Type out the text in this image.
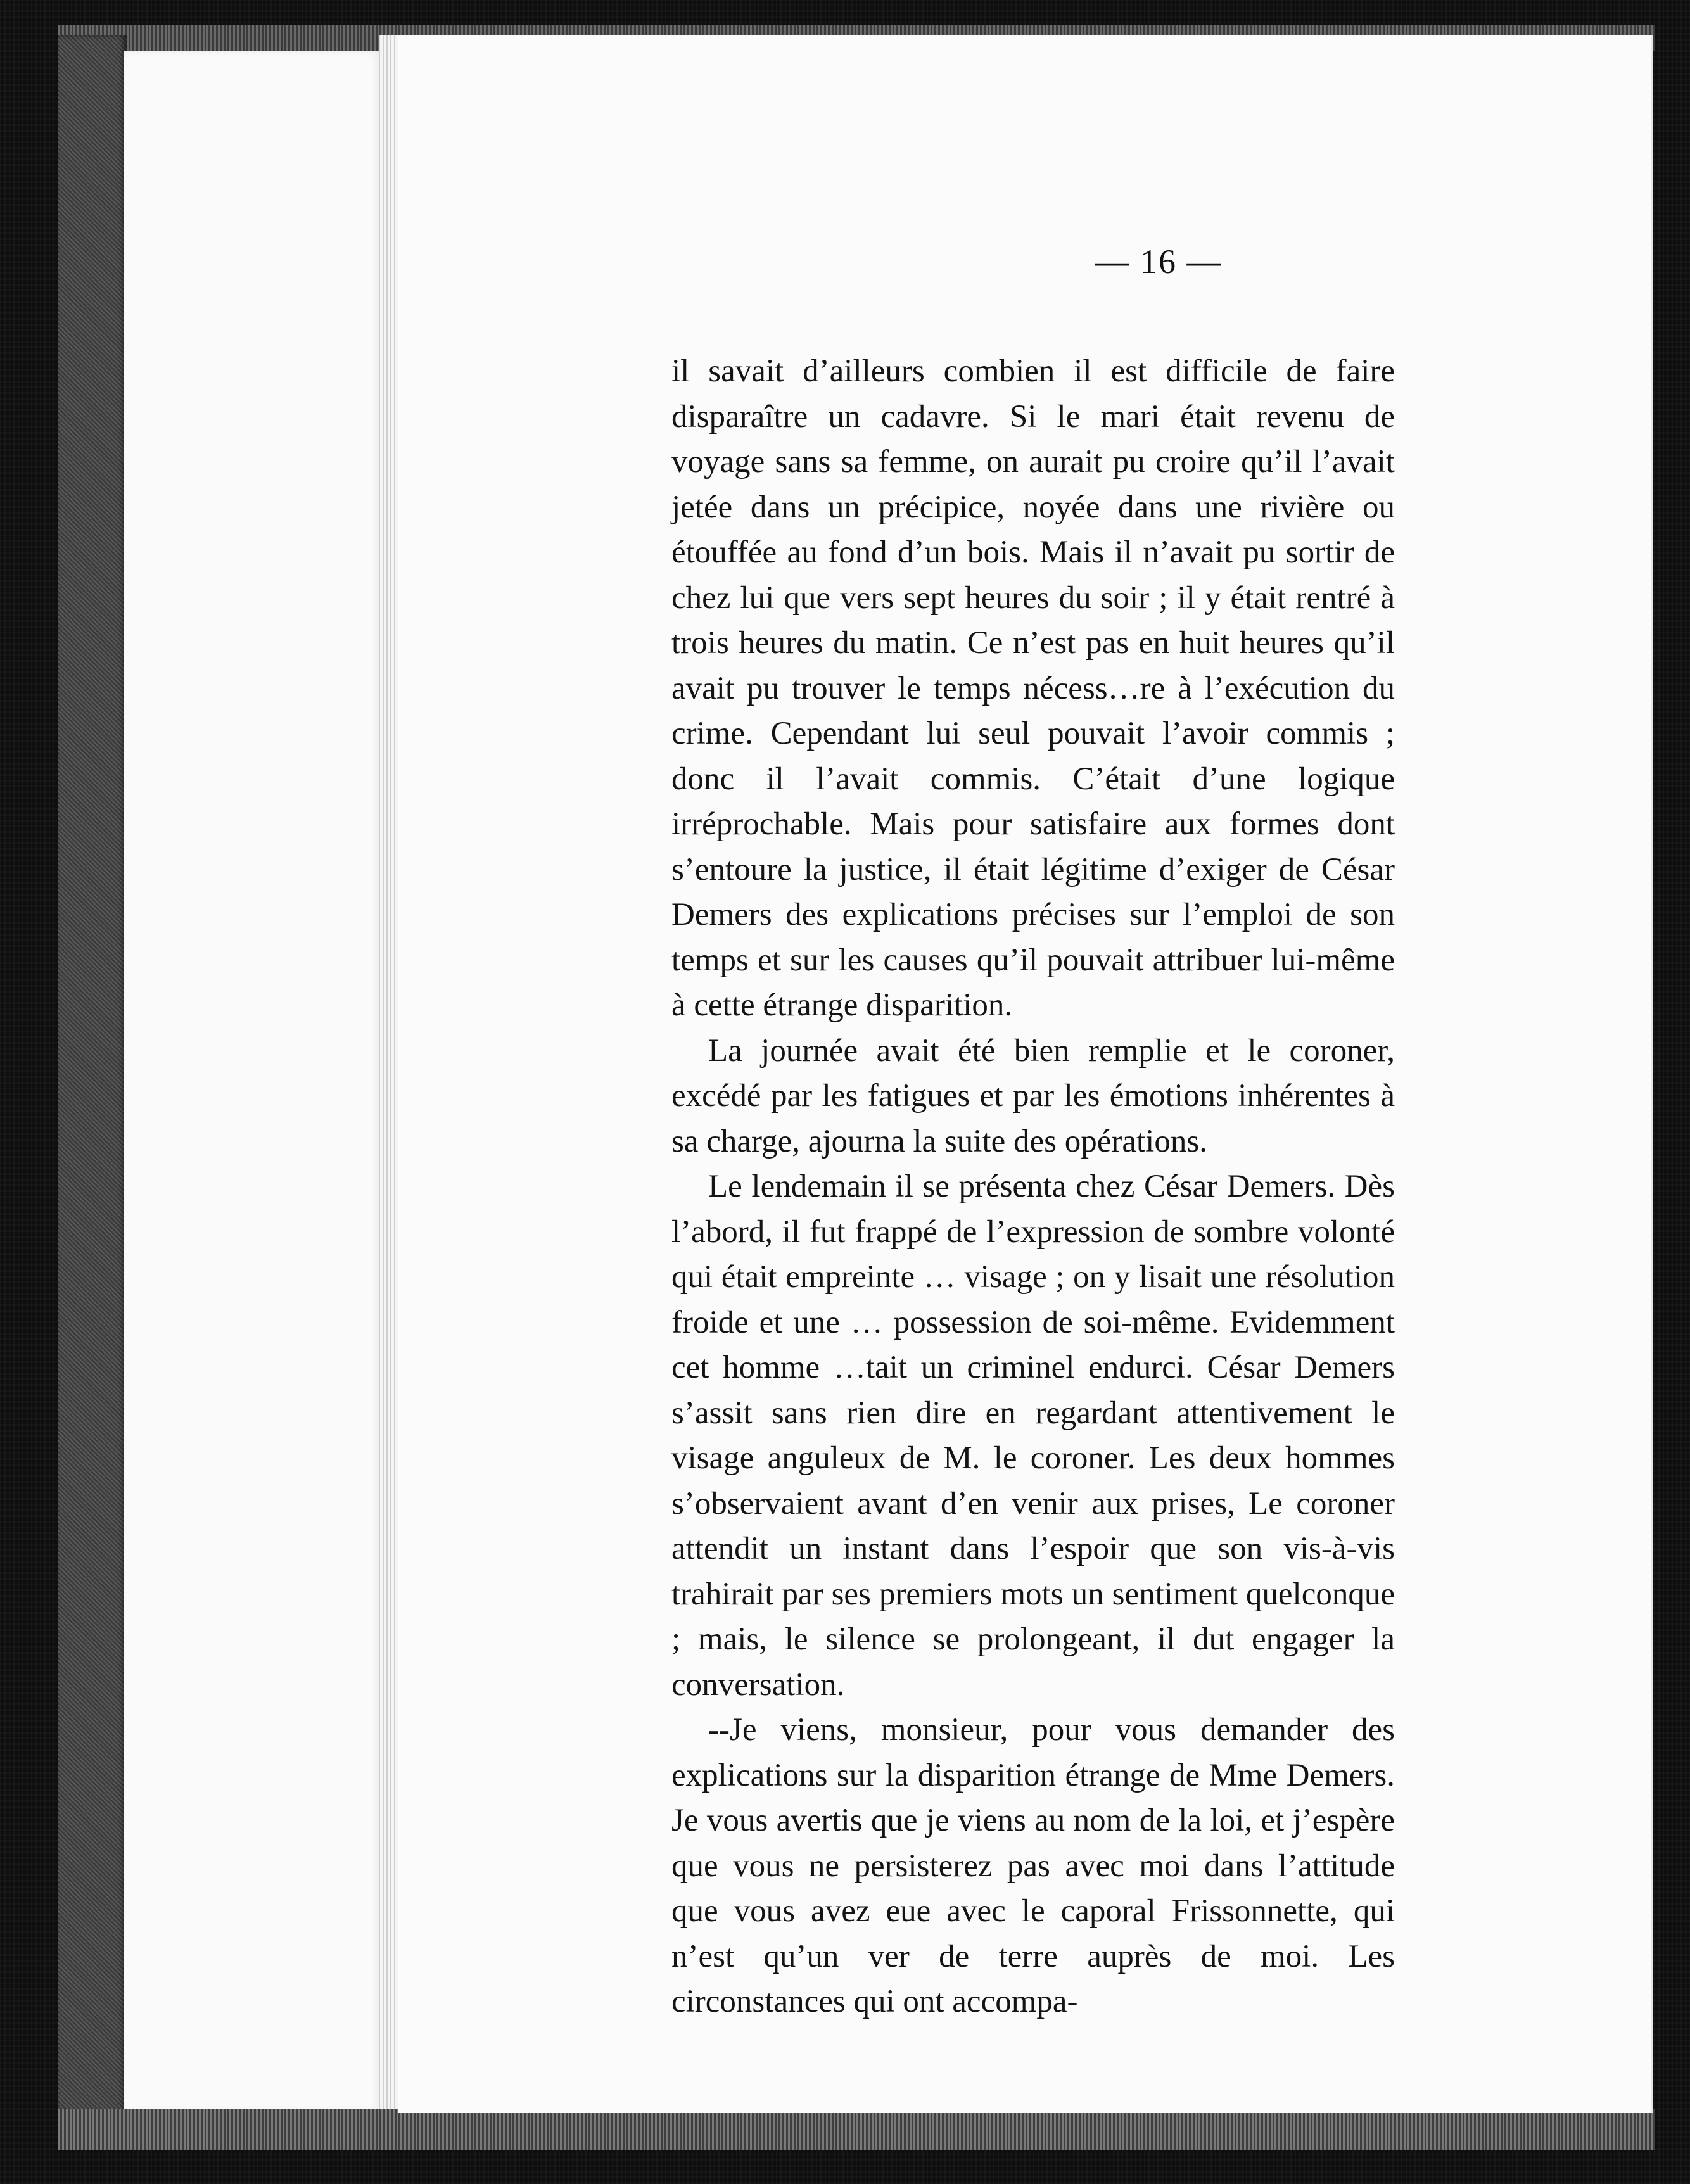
— 16 —

il savait d’ailleurs combien il est difficile de faire disparaître un cadavre. Si le mari était revenu de voyage sans sa femme, on aurait pu croire qu’il l’avait jetée dans un précipice, noyée dans une rivière ou étouffée au fond d’un bois. Mais il n’avait pu sortir de chez lui que vers sept heures du soir ; il y était rentré à trois heures du matin. Ce n’est pas en huit heures qu’il avait pu trouver le temps nécess…re à l’exécution du crime. Cependant lui seul pouvait l’avoir commis ; donc il l’avait commis. C’était d’une logique irréprochable. Mais pour satisfaire aux formes dont s’entoure la justice, il était légitime d’exiger de César Demers des explications précises sur l’emploi de son temps et sur les causes qu’il pouvait attribuer lui-même à cette étrange disparition.

La journée avait été bien remplie et le coroner, excédé par les fatigues et par les émotions inhérentes à sa charge, ajourna la suite des opérations.

Le lendemain il se présenta chez César Demers. Dès l’abord, il fut frappé de l’expression de sombre volonté qui était empreinte … visage ; on y lisait une résolution froide et une … possession de soi-même. Evidemment cet homme …tait un criminel endurci. César Demers s’assit sans rien dire en regardant attentivement le visage anguleux de M. le coroner. Les deux hommes s’observaient avant d’en venir aux prises, Le coroner attendit un instant dans l’espoir que son vis-à-vis trahirait par ses premiers mots un sentiment quelconque ; mais, le silence se prolongeant, il dut engager la conversation.

--Je viens, monsieur, pour vous demander des explications sur la disparition étrange de Mme Demers. Je vous avertis que je viens au nom de la loi, et j’espère que vous ne persisterez pas avec moi dans l’attitude que vous avez eue avec le caporal Frissonnette, qui n’est qu’un ver de terre auprès de moi. Les circonstances qui ont accompa-
